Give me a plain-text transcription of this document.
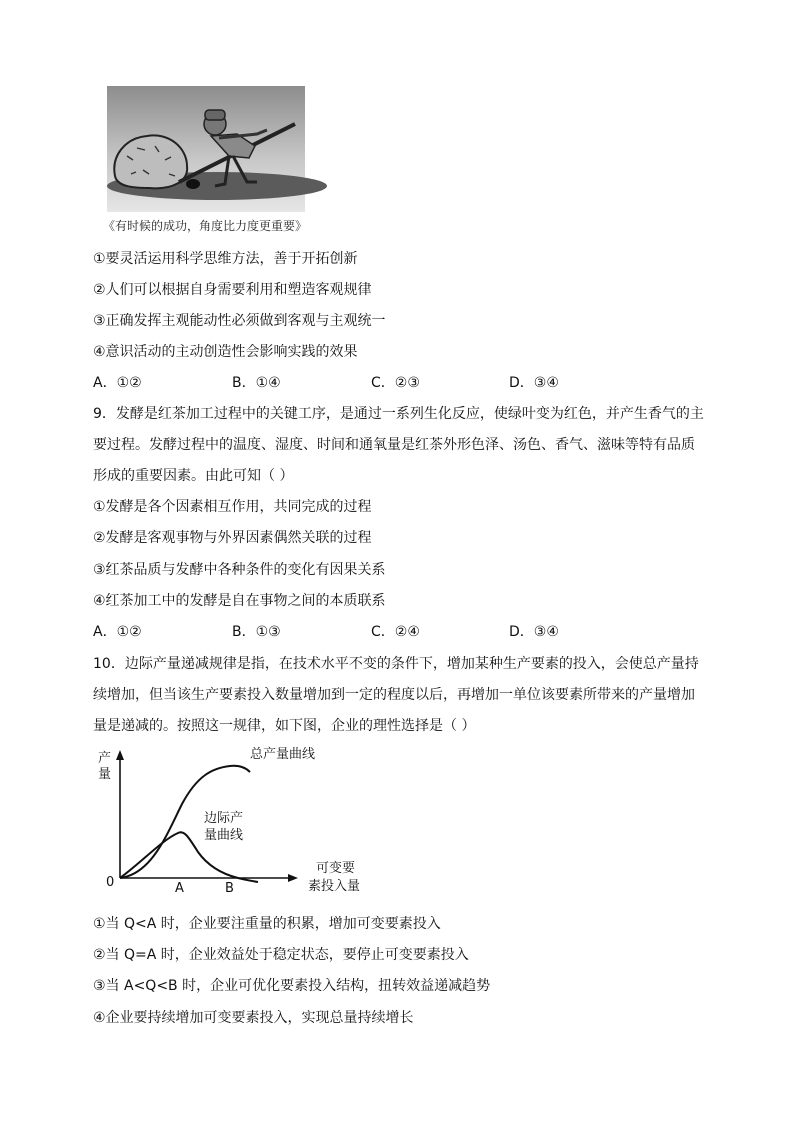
《有时候的成功，角度比力度更重要》
①要灵活运用科学思维方法，善于开拓创新
②人们可以根据自身需要利用和塑造客观规律
③正确发挥主观能动性必须做到客观与主观统一
④意识活动的主动创造性会影响实践的效果
A．①②	B．①④	C．②③	D．③④
9．发酵是红茶加工过程中的关键工序，是通过一系列生化反应，使绿叶变为红色，并产生香气的主
要过程。发酵过程中的温度、湿度、时间和通氧量是红茶外形色泽、汤色、香气、滋味等特有品质
形成的重要因素。由此可知（ ）
①发酵是各个因素相互作用，共同完成的过程
②发酵是客观事物与外界因素偶然关联的过程
③红茶品质与发酵中各种条件的变化有因果关系
④红茶加工中的发酵是自在事物之间的本质联系
A．①②	B．①③	C．②④	D．③④
10．边际产量递减规律是指，在技术水平不变的条件下，增加某种生产要素的投入，会使总产量持
续增加，但当该生产要素投入数量增加到一定的程度以后，再增加一单位该要素所带来的产量增加
量是递减的。按照这一规律，如下图，企业的理性选择是（ ）
产
量
总产量曲线
边际产
量曲线
可变要
素投入量
0	A	B
①当 Q<A 时，企业要注重量的积累，增加可变要素投入
②当 Q=A 时，企业效益处于稳定状态，要停止可变要素投入
③当 A<Q<B 时，企业可优化要素投入结构，扭转效益递减趋势
④企业要持续增加可变要素投入，实现总量持续增长
